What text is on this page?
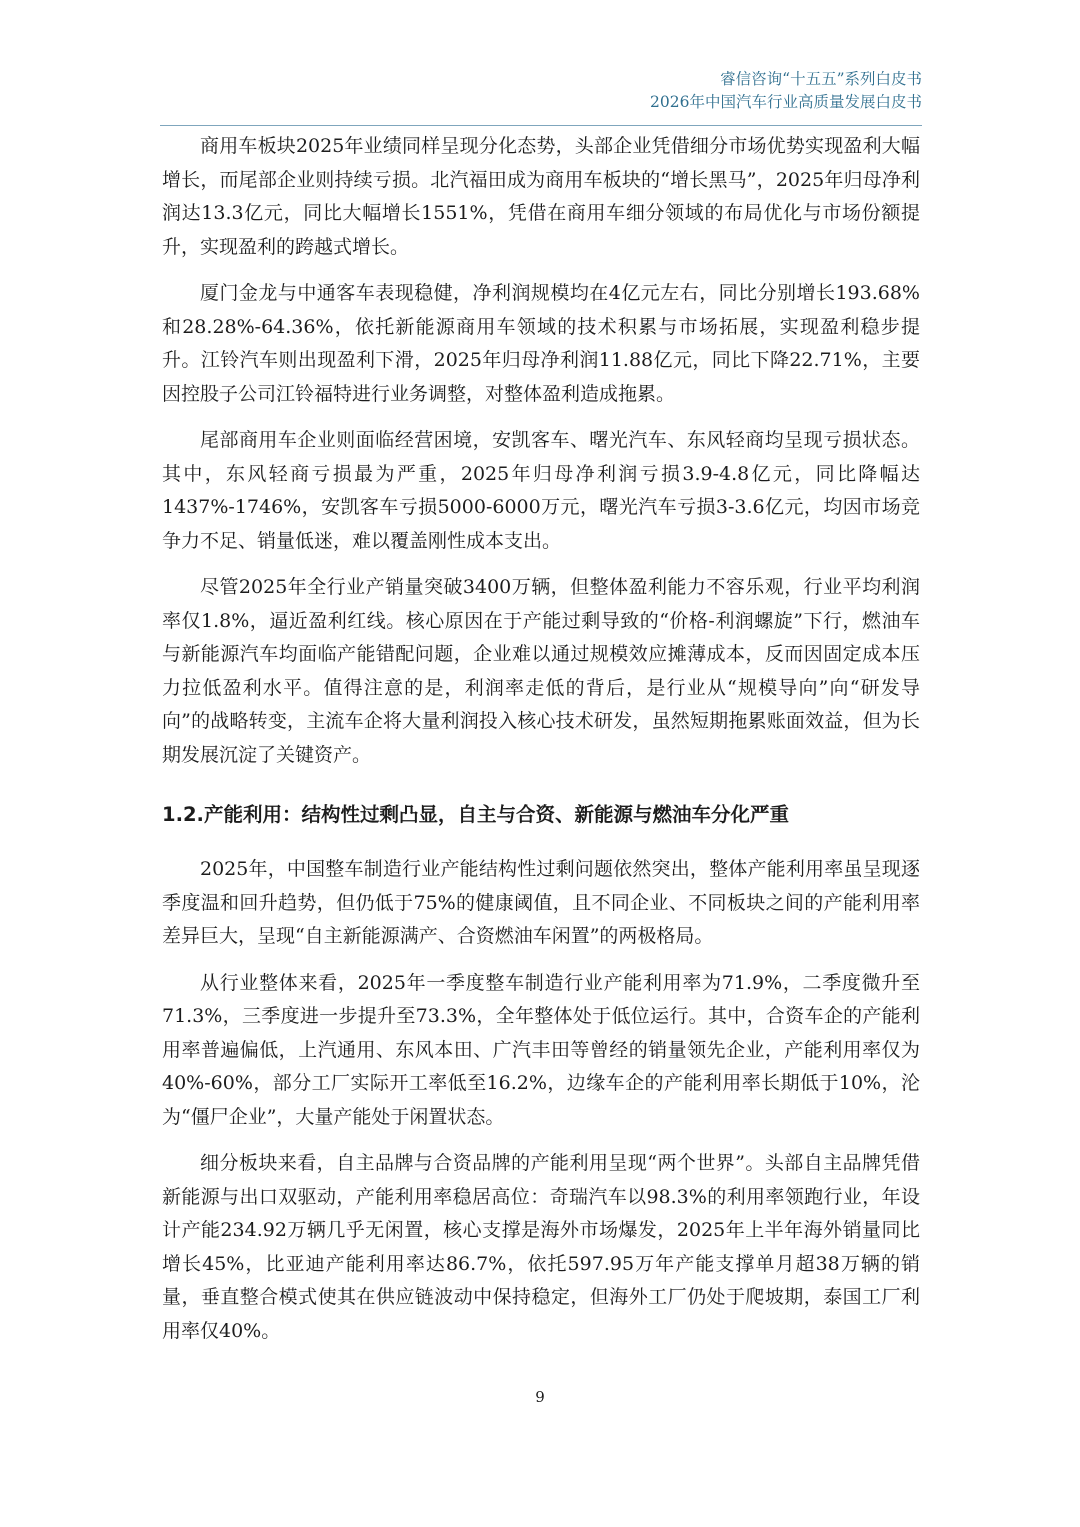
睿信咨询“十五五”系列白皮书
2026年中国汽车行业高质量发展白皮书

商用车板块2025年业绩同样呈现分化态势，头部企业凭借细分市场优势实现盈利大幅增长，而尾部企业则持续亏损。北汽福田成为商用车板块的“增长黑马”，2025年归母净利润达13.3亿元，同比大幅增长1551%，凭借在商用车细分领域的布局优化与市场份额提升，实现盈利的跨越式增长。

厦门金龙与中通客车表现稳健，净利润规模均在4亿元左右，同比分别增长193.68%和28.28%-64.36%，依托新能源商用车领域的技术积累与市场拓展，实现盈利稳步提升。江铃汽车则出现盈利下滑，2025年归母净利润11.88亿元，同比下降22.71%，主要因控股子公司江铃福特进行业务调整，对整体盈利造成拖累。

尾部商用车企业则面临经营困境，安凯客车、曙光汽车、东风轻商均呈现亏损状态。其中，东风轻商亏损最为严重，2025年归母净利润亏损3.9-4.8亿元，同比降幅达1437%-1746%，安凯客车亏损5000-6000万元，曙光汽车亏损3-3.6亿元，均因市场竞争力不足、销量低迷，难以覆盖刚性成本支出。

尽管2025年全行业产销量突破3400万辆，但整体盈利能力不容乐观，行业平均利润率仅1.8%，逼近盈利红线。核心原因在于产能过剩导致的“价格-利润螺旋”下行，燃油车与新能源汽车均面临产能错配问题，企业难以通过规模效应摊薄成本，反而因固定成本压力拉低盈利水平。值得注意的是，利润率走低的背后，是行业从“规模导向”向“研发导向”的战略转变，主流车企将大量利润投入核心技术研发，虽然短期拖累账面效益，但为长期发展沉淀了关键资产。

1.2.产能利用：结构性过剩凸显，自主与合资、新能源与燃油车分化严重

2025年，中国整车制造行业产能结构性过剩问题依然突出，整体产能利用率虽呈现逐季度温和回升趋势，但仍低于75%的健康阈值，且不同企业、不同板块之间的产能利用率差异巨大，呈现“自主新能源满产、合资燃油车闲置”的两极格局。

从行业整体来看，2025年一季度整车制造行业产能利用率为71.9%，二季度微升至71.3%，三季度进一步提升至73.3%，全年整体处于低位运行。其中，合资车企的产能利用率普遍偏低，上汽通用、东风本田、广汽丰田等曾经的销量领先企业，产能利用率仅为40%-60%，部分工厂实际开工率低至16.2%，边缘车企的产能利用率长期低于10%，沦为“僵尸企业”，大量产能处于闲置状态。

细分板块来看，自主品牌与合资品牌的产能利用呈现“两个世界”。头部自主品牌凭借新能源与出口双驱动，产能利用率稳居高位：奇瑞汽车以98.3%的利用率领跑行业，年设计产能234.92万辆几乎无闲置，核心支撑是海外市场爆发，2025年上半年海外销量同比增长45%，比亚迪产能利用率达86.7%，依托597.95万年产能支撑单月超38万辆的销量，垂直整合模式使其在供应链波动中保持稳定，但海外工厂仍处于爬坡期，泰国工厂利用率仅40%。

9
